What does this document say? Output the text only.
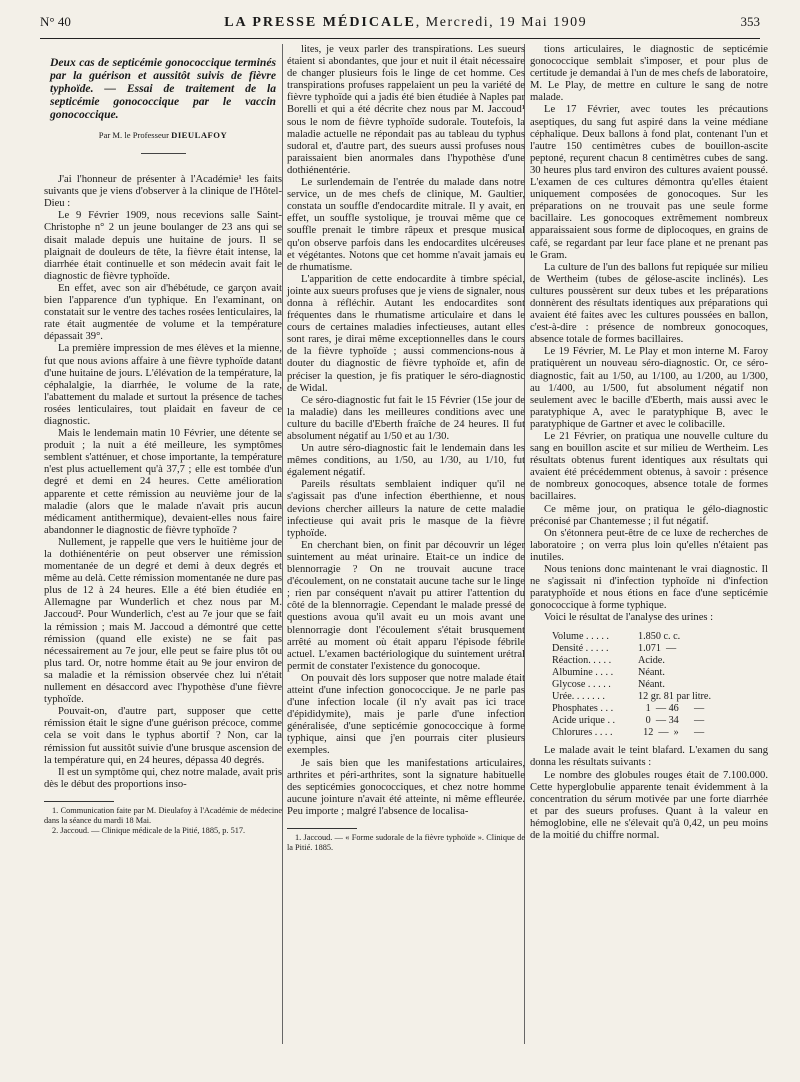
N° 40	LA PRESSE MÉDICALE, Mercredi, 19 Mai 1909	353

Deux cas de septicémie gonococcique terminés par la guérison et aussitôt suivis de fièvre typhoïde. — Essai de traitement de la septicémie gonococcique par le vaccin gonococcique.

Par M. le Professeur DIEULAFOY

J'ai l'honneur de présenter à l'Académie¹ les faits suivants que je viens d'observer à la clinique de l'Hôtel-Dieu :

Le 9 Février 1909, nous recevions salle Saint-Christophe n° 2 un jeune boulanger de 23 ans qui se disait malade depuis une huitaine de jours. Il se plaignait de douleurs de tête, la fièvre était intense, la diarrhée était continuelle et son médecin avait fait le diagnostic de fièvre typhoïde.

En effet, avec son air d'hébétude, ce garçon avait bien l'apparence d'un typhique. En l'examinant, on constatait sur le ventre des taches rosées lenticulaires, la rate était augmentée de volume et la température dépassait 39°.

La première impression de mes élèves et la mienne, fut que nous avions affaire à une fièvre typhoïde datant d'une huitaine de jours. L'élévation de la température, la céphalalgie, la diarrhée, le volume de la rate, l'abattement du malade et surtout la présence de taches rosées lenticulaires, tout plaidait en faveur de ce diagnostic.

Mais le lendemain matin 10 Février, une détente se produit ; la nuit a été meilleure, les symptômes semblent s'atténuer, et chose importante, la température n'est plus actuellement qu'à 37,7 ; elle est tombée d'un degré et demi en 24 heures. Cette amélioration apparente et cette rémission au neuvième jour de la maladie (alors que le malade n'avait pris aucun médicament antithermique), devaient-elles nous faire abandonner le diagnostic de fièvre typhoïde ?

Nullement, je rappelle que vers le huitième jour de la dothiénentérie on peut observer une rémission momentanée de un degré et demi à deux degrés et même au delà. Cette rémission momentanée ne dure pas plus de 12 à 24 heures. Elle a été bien étudiée en Allemagne par Wunderlich et chez nous par M. Jaccoud². Pour Wunderlich, c'est au 7e jour que se fait la rémission ; mais M. Jaccoud a démontré que cette rémission (quand elle existe) ne se fait pas nécessairement au 7e jour, elle peut se faire plus tôt ou plus tard. Or, notre homme était au 9e jour environ de sa maladie et la rémission observée chez lui n'était nullement en désaccord avec l'hypothèse d'une fièvre typhoïde.

Pouvait-on, d'autre part, supposer que cette rémission était le signe d'une guérison précoce, comme cela se voit dans le typhus abortif ? Non, car la rémission fut aussitôt suivie d'une brusque ascension de la température qui, en 24 heures, dépassa 40 degrés.

Il est un symptôme qui, chez notre malade, avait pris dès le début des proportions inso-

1. Communication faite par M. Dieulafoy à l'Académie de médecine dans la séance du mardi 18 Mai.

2. Jaccoud. — Clinique médicale de la Pitié, 1885, p. 517.

lites, je veux parler des transpirations. Les sueurs étaient si abondantes, que jour et nuit il était nécessaire de changer plusieurs fois le linge de cet homme. Ces transpirations profuses rappelaient un peu la variété de fièvre typhoïde qui a jadis été bien étudiée à Naples par Borelli et qui a été décrite chez nous par M. Jaccoud¹ sous le nom de fièvre typhoïde sudorale. Toutefois, la maladie actuelle ne répondait pas au tableau du typhus sudoral et, d'autre part, des sueurs aussi profuses nous paraissaient bien anormales dans l'hypothèse d'une dothiénentérie.

Le surlendemain de l'entrée du malade dans notre service, un de mes chefs de clinique, M. Gaultier, constata un souffle d'endocardite mitrale. Il y avait, en effet, un souffle systolique, je trouvai même que ce souffle prenait le timbre râpeux et presque musical qu'on observe parfois dans les endocardites ulcéreuses et végétantes. Notons que cet homme n'avait jamais eu de rhumatisme.

L'apparition de cette endocardite à timbre spécial, jointe aux sueurs profuses que je viens de signaler, nous donna à réfléchir. Autant les endocardites sont fréquentes dans le rhumatisme articulaire et dans le cours de certaines maladies infectieuses, autant elles sont rares, je dirai même exceptionnelles dans le cours de la fièvre typhoïde ; aussi commencions-nous à douter du diagnostic de fièvre typhoïde et, afin de préciser la question, je fis pratiquer le séro-diagnostic de Widal.

Ce séro-diagnostic fut fait le 15 Février (15e jour de la maladie) dans les meilleures conditions avec une culture du bacille d'Eberth fraîche de 24 heures. Il fut absolument négatif au 1/50 et au 1/30.

Un autre séro-diagnostic fait le lendemain dans les mêmes conditions, au 1/50, au 1/30, au 1/10, fut également négatif.

Pareils résultats semblaient indiquer qu'il ne s'agissait pas d'une infection éberthienne, et nous devions chercher ailleurs la nature de cette maladie infectieuse qui avait pris le masque de la fièvre typhoïde.

En cherchant bien, on finit par découvrir un léger suintement au méat urinaire. Etait-ce un indice de blennorragie ? On ne trouvait aucune trace d'écoulement, on ne constatait aucune tache sur le linge ; rien par conséquent n'avait pu attirer l'attention du côté de la blennorragie. Cependant le malade pressé de questions avoua qu'il avait eu un mois avant une blennorragie dont l'écoulement s'était brusquement arrêté au moment où était apparu l'épisode fébrile actuel. L'examen bactériologique du suintement urétral permit de constater l'existence du gonocoque.

On pouvait dès lors supposer que notre malade était atteint d'une infection gonococcique. Je ne parle pas d'une infection locale (il n'y avait pas ici trace d'épididymite), mais je parle d'une infection généralisée, d'une septicémie gonococcique à forme typhique, ainsi que j'en pourrais citer plusieurs exemples.

Je sais bien que les manifestations articulaires, arthrites et péri-arthrites, sont la signature habituelle des septicémies gonococciques, et chez notre homme aucune jointure n'avait été atteinte, ni même effleurée. Peu importe ; malgré l'absence de localisa-

1. Jaccoud. — « Forme sudorale de la fièvre typhoïde ». Clinique de la Pitié. 1885.

tions articulaires, le diagnostic de septicémie gonococcique semblait s'imposer, et pour plus de certitude je demandai à l'un de mes chefs de laboratoire, M. Le Play, de mettre en culture le sang de notre malade.

Le 17 Février, avec toutes les précautions aseptiques, du sang fut aspiré dans la veine médiane céphalique. Deux ballons à fond plat, contenant l'un et l'autre 150 centimètres cubes de bouillon-ascite peptoné, reçurent chacun 8 centimètres cubes de sang. 30 heures plus tard environ des cultures avaient poussé. L'examen de ces cultures démontra qu'elles étaient uniquement composées de gonocoques. Sur les préparations on ne trouvait pas une seule forme bacillaire. Les gonocoques extrêmement nombreux apparaissaient sous forme de diplocoques, en grains de café, se regardant par leur face plane et ne prenant pas le Gram.

La culture de l'un des ballons fut repiquée sur milieu de Wertheim (tubes de gélose-ascite inclinés). Les cultures poussèrent sur deux tubes et les préparations donnèrent des résultats identiques aux préparations qui avaient été faites avec les cultures poussées en ballon, c'est-à-dire : présence de nombreux gonocoques, absence totale de formes bacillaires.

Le 19 Février, M. Le Play et mon interne M. Faroy pratiquèrent un nouveau séro-diagnostic. Or, ce séro-diagnostic, fait au 1/50, au 1/100, au 1/200, au 1/300, au 1/400, au 1/500, fut absolument négatif non seulement avec le bacille d'Eberth, mais aussi avec le paratyphique A, avec le paratyphique B, avec le paratyphique de Gartner et avec le colibacille.

Le 21 Février, on pratiqua une nouvelle culture du sang en bouillon ascite et sur milieu de Wertheim. Les résultats obtenus furent identiques aux résultats qui avaient été précédemment obtenus, à savoir : présence de nombreux gonocoques, absence totale de formes bacillaires.

Ce même jour, on pratiqua le gélo-diagnostic préconisé par Chantemesse ; il fut négatif.

On s'étonnera peut-être de ce luxe de recherches de laboratoire ; on verra plus loin qu'elles n'étaient pas inutiles.

Nous tenions donc maintenant le vrai diagnostic. Il ne s'agissait ni d'infection typhoïde ni d'infection paratyphoïde et nous étions en face d'une septicémie gonococcique à forme typhique.

Voici le résultat de l'analyse des urines :

Volume . . . . .	1.850 c. c.
Densité . . . . .	1.071  —
Réaction. . . . .	Acide.
Albumine . . . .	Néant.
Glycose . . . . .	Néant.
Urée. . . . . . .	12 gr. 81 par litre.
Phosphates . . .	1  — 46      —
Acide urique . .	0  — 34      —
Chlorures . . . .	12  —  »      —

Le malade avait le teint blafard. L'examen du sang donna les résultats suivants :

Le nombre des globules rouges était de 7.100.000. Cette hyperglobulie apparente tenait évidemment à la concentration du sérum motivée par une forte diarrhée et par des sueurs profuses. Quant à la valeur en hémoglobine, elle ne s'élevait qu'à 0,42, un peu moins de la moitié du chiffre normal.
